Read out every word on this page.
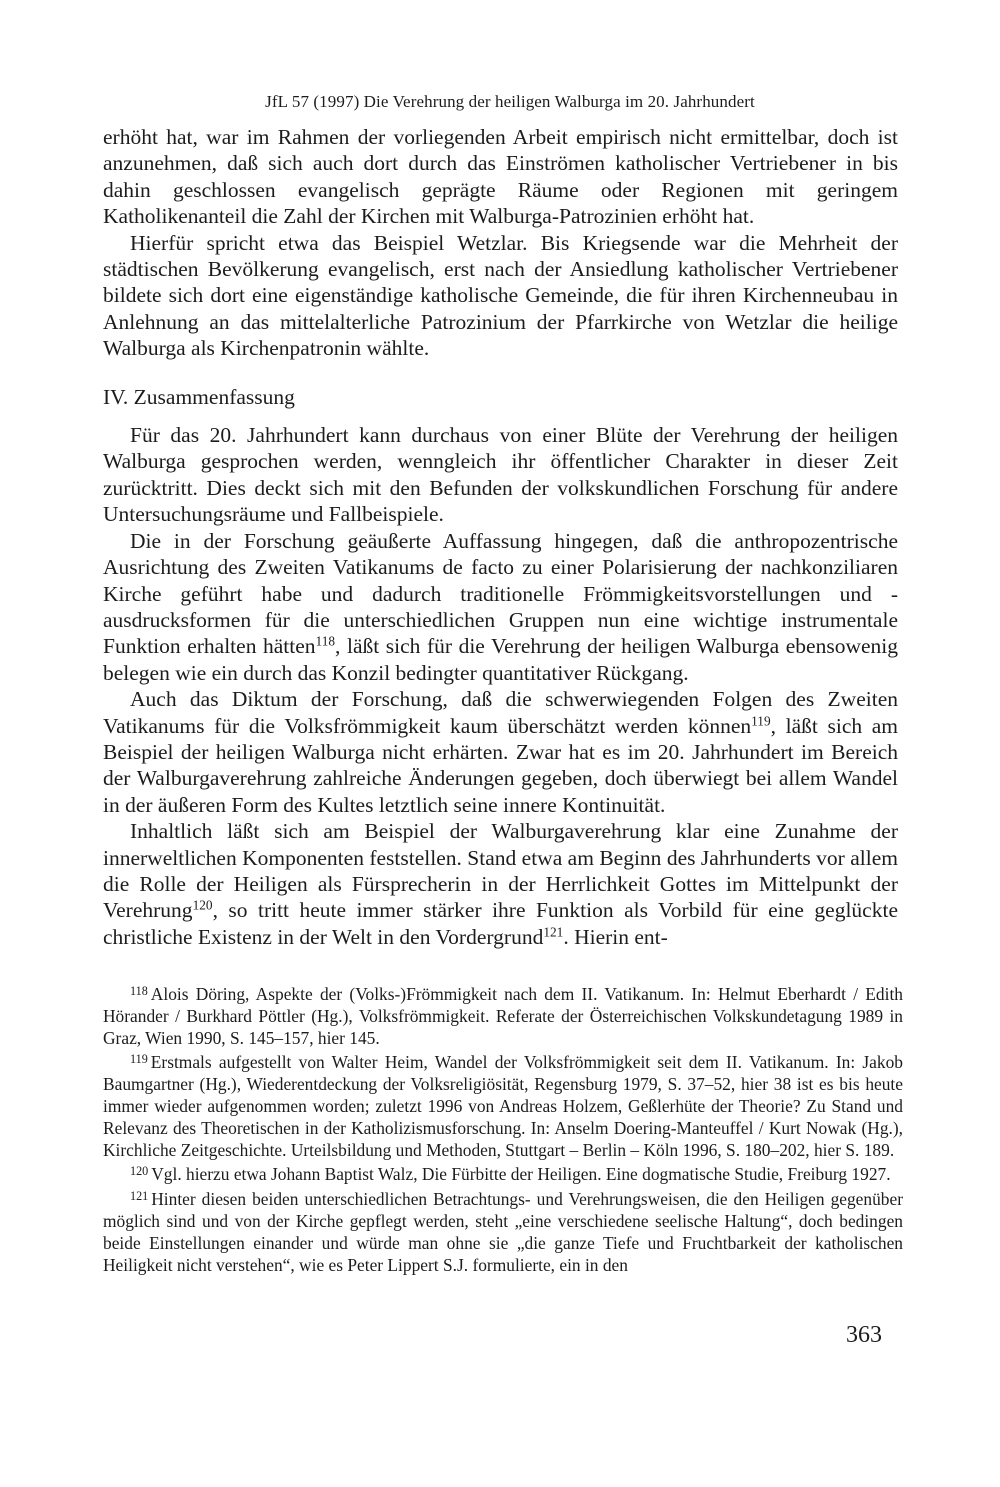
JfL 57 (1997) Die Verehrung der heiligen Walburga im 20. Jahrhundert

erhöht hat, war im Rahmen der vorliegenden Arbeit empirisch nicht ermittelbar, doch ist anzunehmen, daß sich auch dort durch das Einströmen katholischer Vertriebener in bis dahin geschlossen evangelisch geprägte Räume oder Regionen mit geringem Katholikenanteil die Zahl der Kirchen mit Walburga-Patrozinien erhöht hat.

Hierfür spricht etwa das Beispiel Wetzlar. Bis Kriegsende war die Mehrheit der städtischen Bevölkerung evangelisch, erst nach der Ansiedlung katholischer Vertriebener bildete sich dort eine eigenständige katholische Gemeinde, die für ihren Kirchenneubau in Anlehnung an das mittelalterliche Patrozinium der Pfarrkirche von Wetzlar die heilige Walburga als Kirchenpatronin wählte.

IV. Zusammenfassung

Für das 20. Jahrhundert kann durchaus von einer Blüte der Verehrung der heiligen Walburga gesprochen werden, wenngleich ihr öffentlicher Charakter in dieser Zeit zurücktritt. Dies deckt sich mit den Befunden der volkskundlichen Forschung für andere Untersuchungsräume und Fallbeispiele.

Die in der Forschung geäußerte Auffassung hingegen, daß die anthropozentrische Ausrichtung des Zweiten Vatikanums de facto zu einer Polarisierung der nachkonziliaren Kirche geführt habe und dadurch traditionelle Frömmigkeitsvorstellungen und -ausdrucksformen für die unterschiedlichen Gruppen nun eine wichtige instrumentale Funktion erhalten hätten$^{118}$, läßt sich für die Verehrung der heiligen Walburga ebensowenig belegen wie ein durch das Konzil bedingter quantitativer Rückgang.

Auch das Diktum der Forschung, daß die schwerwiegenden Folgen des Zweiten Vatikanums für die Volksfrömmigkeit kaum überschätzt werden können$^{119}$, läßt sich am Beispiel der heiligen Walburga nicht erhärten. Zwar hat es im 20. Jahrhundert im Bereich der Walburgaverehrung zahlreiche Änderungen gegeben, doch überwiegt bei allem Wandel in der äußeren Form des Kultes letztlich seine innere Kontinuität.

Inhaltlich läßt sich am Beispiel der Walburgaverehrung klar eine Zunahme der innerweltlichen Komponenten feststellen. Stand etwa am Beginn des Jahrhunderts vor allem die Rolle der Heiligen als Fürsprecherin in der Herrlichkeit Gottes im Mittelpunkt der Verehrung$^{120}$, so tritt heute immer stärker ihre Funktion als Vorbild für eine geglückte christliche Existenz in der Welt in den Vordergrund$^{121}$. Hierin ent-

$^{118}$ Alois Döring, Aspekte der (Volks-)Frömmigkeit nach dem II. Vatikanum. In: Helmut Eberhardt / Edith Hörander / Burkhard Pöttler (Hg.), Volksfrömmigkeit. Referate der Österreichischen Volkskundetagung 1989 in Graz, Wien 1990, S. 145–157, hier 145.

$^{119}$ Erstmals aufgestellt von Walter Heim, Wandel der Volksfrömmigkeit seit dem II. Vatikanum. In: Jakob Baumgartner (Hg.), Wiederentdeckung der Volksreligiösität, Regensburg 1979, S. 37–52, hier 38 ist es bis heute immer wieder aufgenommen worden; zuletzt 1996 von Andreas Holzem, Geßlerhüte der Theorie? Zu Stand und Relevanz des Theoretischen in der Katholizismusforschung. In: Anselm Doering-Manteuffel / Kurt Nowak (Hg.), Kirchliche Zeitgeschichte. Urteilsbildung und Methoden, Stuttgart – Berlin – Köln 1996, S. 180–202, hier S. 189.

$^{120}$ Vgl. hierzu etwa Johann Baptist Walz, Die Fürbitte der Heiligen. Eine dogmatische Studie, Freiburg 1927.

$^{121}$ Hinter diesen beiden unterschiedlichen Betrachtungs- und Verehrungsweisen, die den Heiligen gegenüber möglich sind und von der Kirche gepflegt werden, steht „eine verschiedene seelische Haltung“, doch bedingen beide Einstellungen einander und würde man ohne sie „die ganze Tiefe und Fruchtbarkeit der katholischen Heiligkeit nicht verstehen“, wie es Peter Lippert S.J. formulierte, ein in den

363
